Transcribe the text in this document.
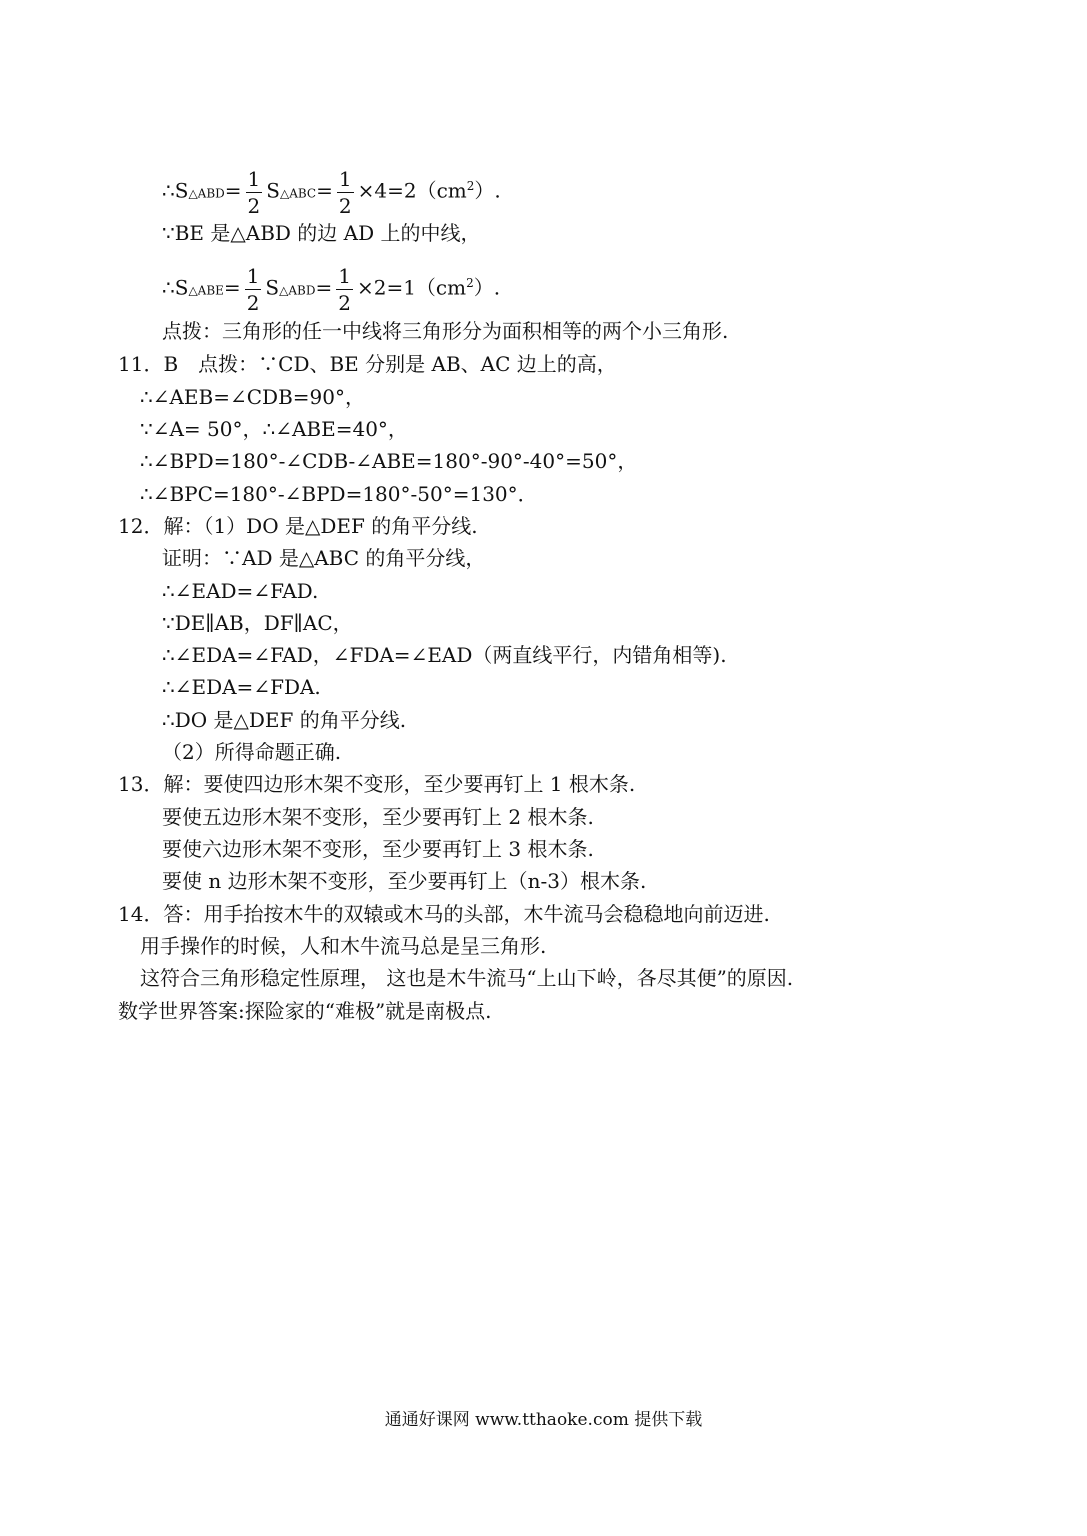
∴S△ABD= $\frac{1}{2}$ S△ABC= $\frac{1}{2} \times 4=2(cm^2)$.
∵BE 是△ABD 的边 AD 上的中线，
∴S△ABE= $\frac{1}{2}$ S△ABD= $\frac{1}{2} \times 2=1(cm^2)$.
点拨：三角形的任一中线将三角形分为面积相等的两个小三角形.
11．B　点拨：∵CD、BE 分别是 AB、AC 边上的高，
∴∠AEB=∠CDB=90°，
∵∠A= 50°，∴∠ABE=40°，
∴∠BPD=180°-∠CDB-∠ABE=180°-90°-40°=50°，
∴∠BPC=180°-∠BPD=180°-50°=130°．
12．解：（1）DO 是△DEF 的角平分线.
证明：∵AD 是△ABC 的角平分线，
∴∠EAD=∠FAD.
∵DE∥AB，DF∥AC，
∴∠EDA=∠FAD，∠FDA=∠EAD（两直线平行，内错角相等).
∴∠EDA=∠FDA.
∴DO 是△DEF 的角平分线.
（2）所得命题正确.
13．解：要使四边形木架不变形，至少要再钉上 1 根木条.
要使五边形木架不变形，至少要再钉上 2 根木条.
要使六边形木架不变形，至少要再钉上 3 根木条.
要使 n 边形木架不变形，至少要再钉上（n-3）根木条.
14．答：用手抬按木牛的双辕或木马的头部，木牛流马会稳稳地向前迈进.
用手操作的时候，人和木牛流马总是呈三角形.
这符合三角形稳定性原理， 这也是木牛流马“上山下岭，各尽其便”的原因.
数学世界答案:探险家的“难极”就是南极点.
通通好课网 www.tthaoke.com 提供下载
